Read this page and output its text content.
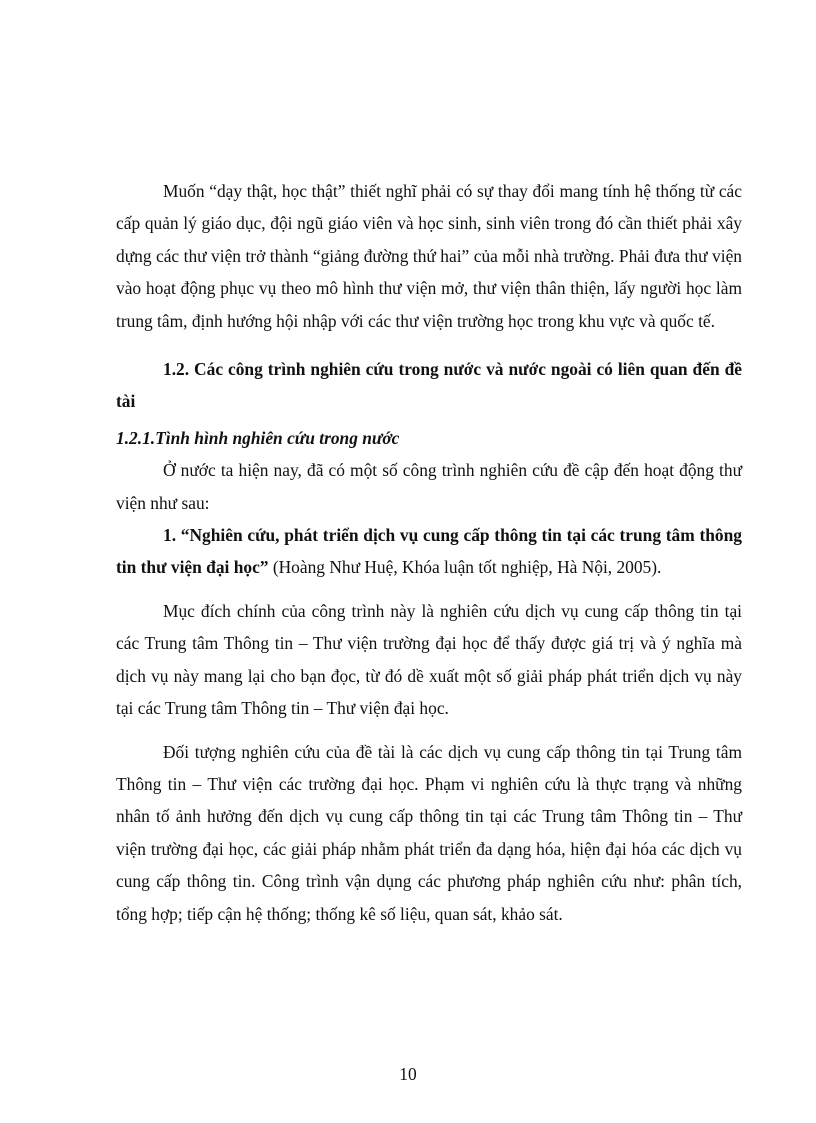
Muốn “dạy thật, học thật” thiết nghĩ phải có sự thay đổi mang tính hệ thống từ các cấp quản lý giáo dục, đội ngũ giáo viên và học sinh, sinh viên trong đó cần thiết phải xây dựng các thư viện trở thành “giảng đường thứ hai” của mỗi nhà trường. Phải đưa thư viện vào hoạt động phục vụ theo mô hình thư viện mở, thư viện thân thiện, lấy người học làm trung tâm, định hướng hội nhập với các thư viện trường học trong khu vực và quốc tế.

1.2. Các công trình nghiên cứu trong nước và nước ngoài có liên quan đến đề tài

1.2.1.Tình hình nghiên cứu trong nước

Ở nước ta hiện nay, đã có một số công trình nghiên cứu đề cập đến hoạt động thư viện như sau:

1. “Nghiên cứu, phát triển dịch vụ cung cấp thông tin tại các trung tâm thông tin thư viện đại học” (Hoàng Như Huệ, Khóa luận tốt nghiệp, Hà Nội, 2005).

Mục đích chính của công trình này là nghiên cứu dịch vụ cung cấp thông tin tại các Trung tâm Thông tin – Thư viện trường đại học để thấy được giá trị và ý nghĩa mà dịch vụ này mang lại cho bạn đọc, từ đó dề xuất một số giải pháp phát triển dịch vụ này tại các Trung tâm Thông tin – Thư viện đại học.

Đối tượng nghiên cứu của đề tài là các dịch vụ cung cấp thông tin tại Trung tâm Thông tin – Thư viện các trường đại học. Phạm vi nghiên cứu là thực trạng và những nhân tố ảnh hưởng đến dịch vụ cung cấp thông tin tại các Trung tâm Thông tin – Thư viện trường đại học, các giải pháp nhằm phát triển đa dạng hóa, hiện đại hóa các dịch vụ cung cấp thông tin. Công trình vận dụng các phương pháp nghiên cứu như: phân tích, tổng hợp; tiếp cận hệ thống; thống kê số liệu, quan sát, khảo sát.

10
